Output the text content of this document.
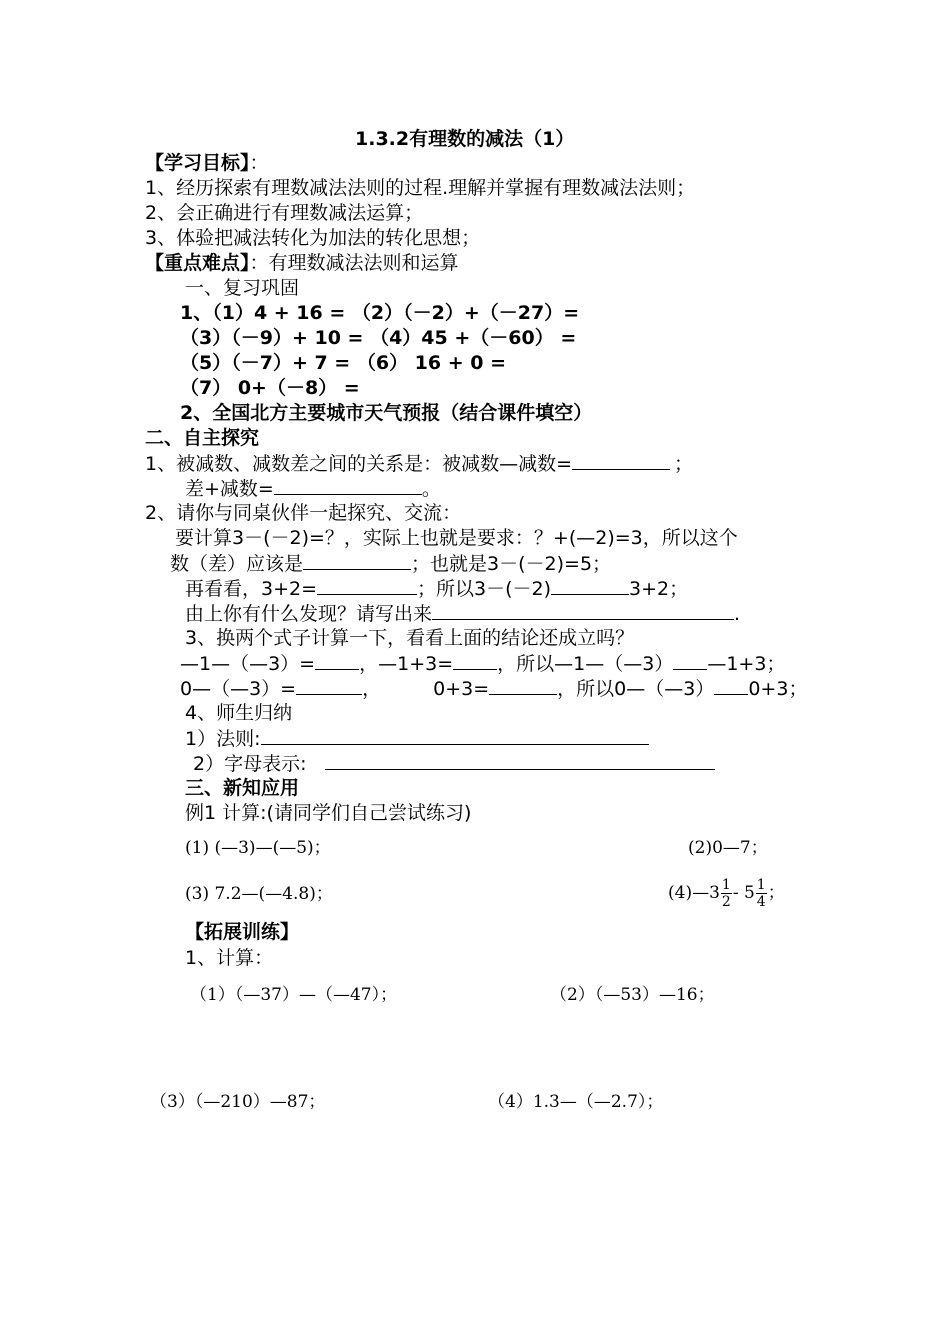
1.3.2有理数的减法（1）
【学习目标】：
1、经历探索有理数减法法则的过程.理解并掌握有理数减法法则；
2、会正确进行有理数减法运算；
3、体验把减法转化为加法的转化思想；
【重点难点】：有理数减法法则和运算
一、复习巩固
1、（1）4 + 16 = （2）（－2）+（－27）=
（3）（－9）+ 10 = （4）45 +（－60） =
（5）（－7）+ 7 = （6） 16 + 0 =
（7） 0+（－8） =
2、全国北方主要城市天气预报（结合课件填空）
二、自主探究
1、被减数、减数差之间的关系是：被减数—减数=	；
差+减数=	。
2、请你与同桌伙伴一起探究、交流：
要计算3－(－2)=？，实际上也就是要求：？+(—2)=3，所以这个
数（差）应该是	；也就是3－(－2)=5；
再看看，3+2=	；所以3－(－2)	3+2；
由上你有什么发现？请写出来	.
3、换两个式子计算一下，看看上面的结论还成立吗？
—1—（—3）= ，—1+3= ，所以—1—（—3） —1+3；
0—（—3）=	，	0+3=	，所以0—（—3） 0+3；
4、师生归纳
1）法则:
2）字母表示:
三、新知应用
例1 计算:(请同学们自己尝试练习)
(1) (—3)—(—5)；	(2)0—7；
(3) 7.2—(—4.8)；	(4)—3 $\frac{1}{2} - 5 \frac{1}{4}$ ；
【拓展训练】
1、计算：
（1）（—37）—（—47）；	（2）（—53）—16；
（3）（—210）—87；	（4）1.3—（—2.7）；
